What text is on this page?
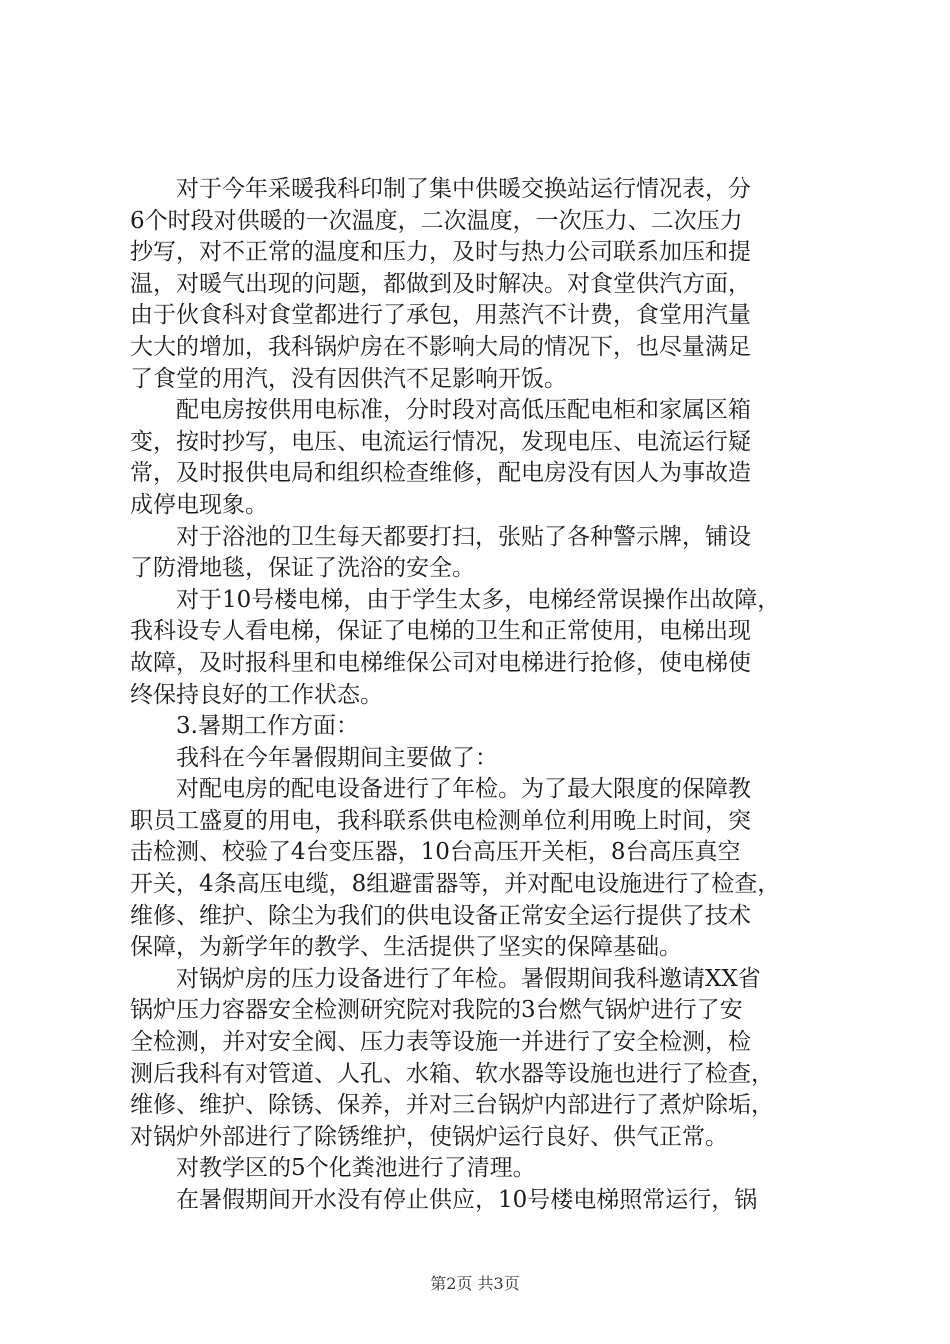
对于今年采暖我科印制了集中供暖交换站运行情况表，分
6个时段对供暖的一次温度，二次温度，一次压力、二次压力
抄写，对不正常的温度和压力，及时与热力公司联系加压和提
温，对暖气出现的问题，都做到及时解决。对食堂供汽方面，
由于伙食科对食堂都进行了承包，用蒸汽不计费，食堂用汽量
大大的增加，我科锅炉房在不影响大局的情况下，也尽量满足
了食堂的用汽，没有因供汽不足影响开饭。
配电房按供用电标准，分时段对高低压配电柜和家属区箱
变，按时抄写，电压、电流运行情况，发现电压、电流运行疑
常，及时报供电局和组织检查维修，配电房没有因人为事故造
成停电现象。
对于浴池的卫生每天都要打扫，张贴了各种警示牌，铺设
了防滑地毯，保证了洗浴的安全。
对于10号楼电梯，由于学生太多，电梯经常误操作出故障，
我科设专人看电梯，保证了电梯的卫生和正常使用，电梯出现
故障，及时报科里和电梯维保公司对电梯进行抢修，使电梯使
终保持良好的工作状态。
3.暑期工作方面：
我科在今年暑假期间主要做了：
对配电房的配电设备进行了年检。为了最大限度的保障教
职员工盛夏的用电，我科联系供电检测单位利用晚上时间，突
击检测、校验了4台变压器，10台高压开关柜，8台高压真空
开关，4条高压电缆，8组避雷器等，并对配电设施进行了检查，
维修、维护、除尘为我们的供电设备正常安全运行提供了技术
保障，为新学年的教学、生活提供了坚实的保障基础。
对锅炉房的压力设备进行了年检。暑假期间我科邀请XX省
锅炉压力容器安全检测研究院对我院的3台燃气锅炉进行了安
全检测，并对安全阀、压力表等设施一并进行了安全检测，检
测后我科有对管道、人孔、水箱、软水器等设施也进行了检查，
维修、维护、除锈、保养，并对三台锅炉内部进行了煮炉除垢，
对锅炉外部进行了除锈维护，使锅炉运行良好、供气正常。
对教学区的5个化粪池进行了清理。
在暑假期间开水没有停止供应，10号楼电梯照常运行，锅
第2页 共3页
